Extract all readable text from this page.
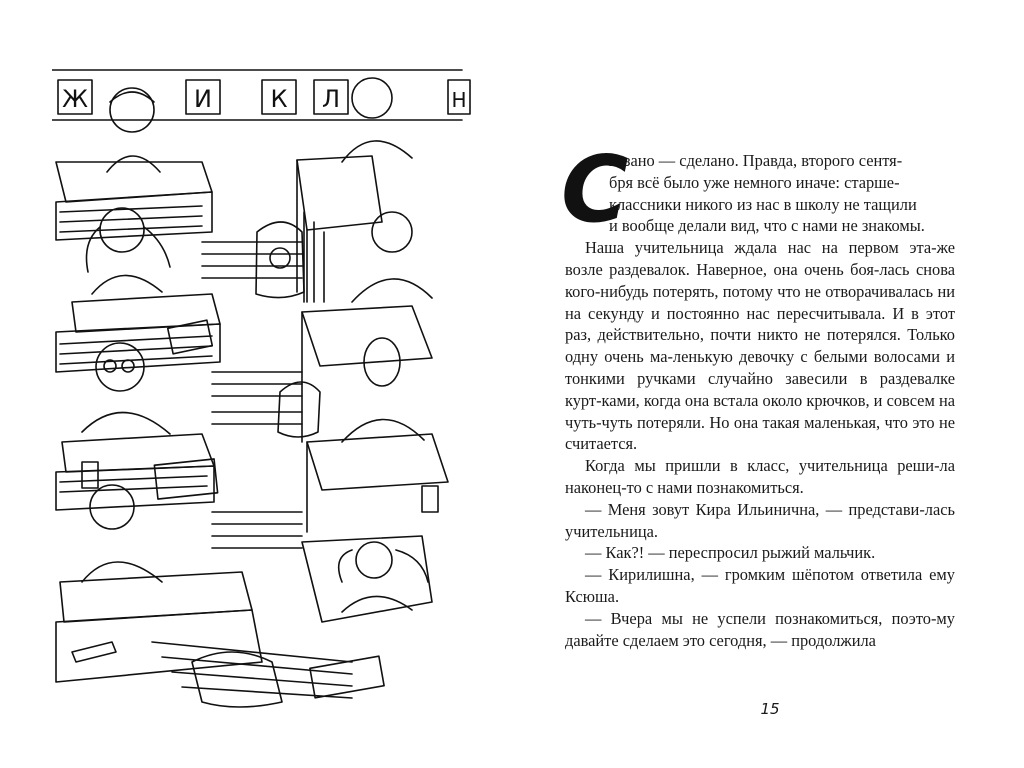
Ж	И К Л	Н
С
казано — сделано. Правда, второго сентя-
бря всё было уже немного иначе: старше-
классники никого из нас в школу не тащили
и вообще делали вид, что с нами не знакомы.

Наша учительница ждала нас на первом эта-же возле раздевалок. Наверное, она очень боя-лась снова кого-нибудь потерять, потому что не отворачивалась ни на секунду и постоянно нас пересчитывала. И в этот раз, действительно, почти никто не потерялся. Только одну очень ма-ленькую девочку с белыми волосами и тонкими ручками случайно завесили в раздевалке курт-ками, когда она встала около крючков, и совсем на чуть-чуть потеряли. Но она такая маленькая, что это не считается.

Когда мы пришли в класс, учительница реши-ла наконец-то с нами познакомиться.

— Меня зовут Кира Ильинична, — представи-лась учительница.

— Как?! — переспросил рыжий мальчик.

— Кирилишна, — громким шёпотом ответила ему Ксюша.

— Вчера мы не успели познакомиться, поэто-му давайте сделаем это сегодня, — продолжила

15
